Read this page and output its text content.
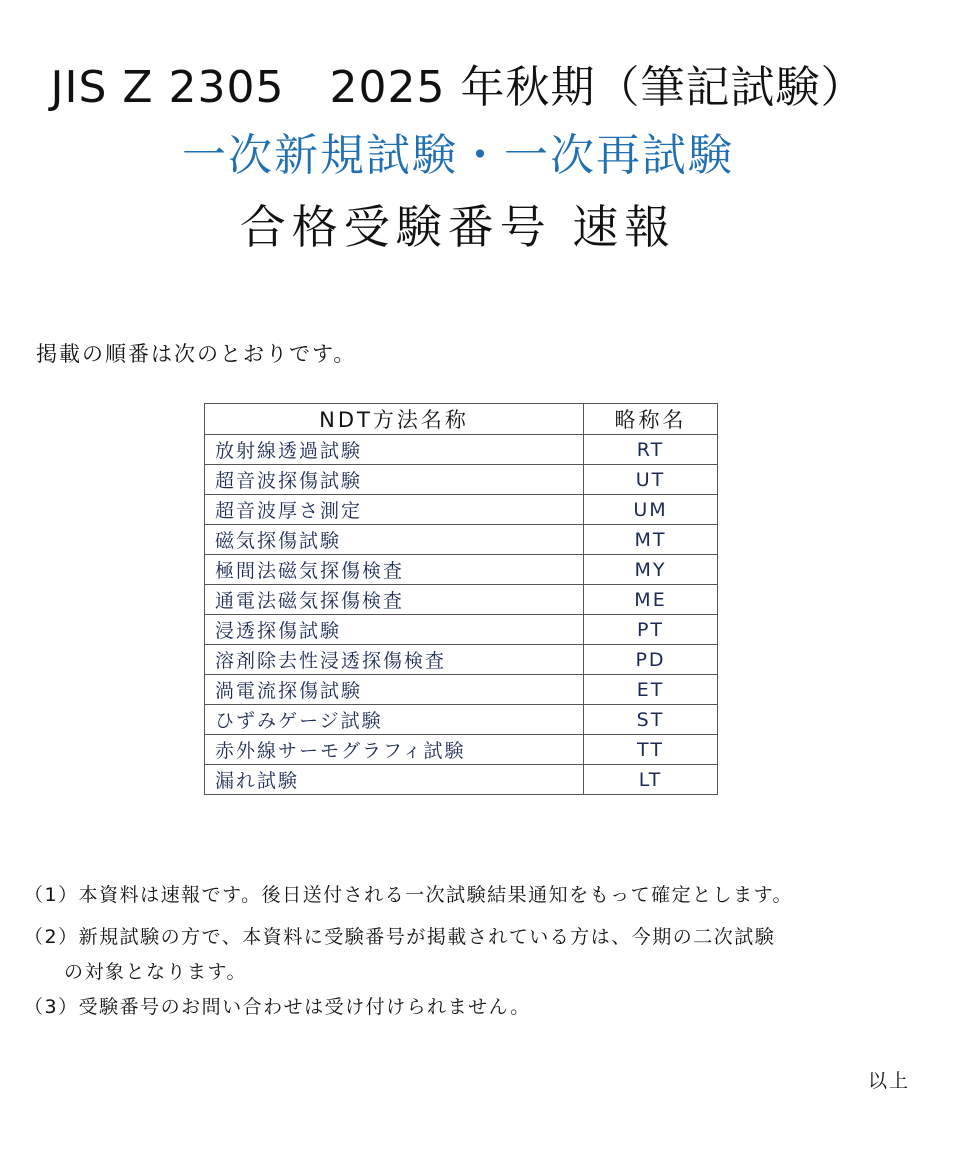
JIS Z 2305　2025 年秋期（筆記試験）
一次新規試験・一次再試験
合格受験番号 速報
掲載の順番は次のとおりです。
NDT方法名称	略称名
放射線透過試験	RT
超音波探傷試験	UT
超音波厚さ測定	UM
磁気探傷試験	MT
極間法磁気探傷検査	MY
通電法磁気探傷検査	ME
浸透探傷試験	PT
溶剤除去性浸透探傷検査	PD
渦電流探傷試験	ET
ひずみゲージ試験	ST
赤外線サーモグラフィ試験	TT
漏れ試験	LT
（1）本資料は速報です。後日送付される一次試験結果通知をもって確定とします。
（2）新規試験の方で、本資料に受験番号が掲載されている方は、今期の二次試験
の対象となります。
（3）受験番号のお問い合わせは受け付けられません。
以上
